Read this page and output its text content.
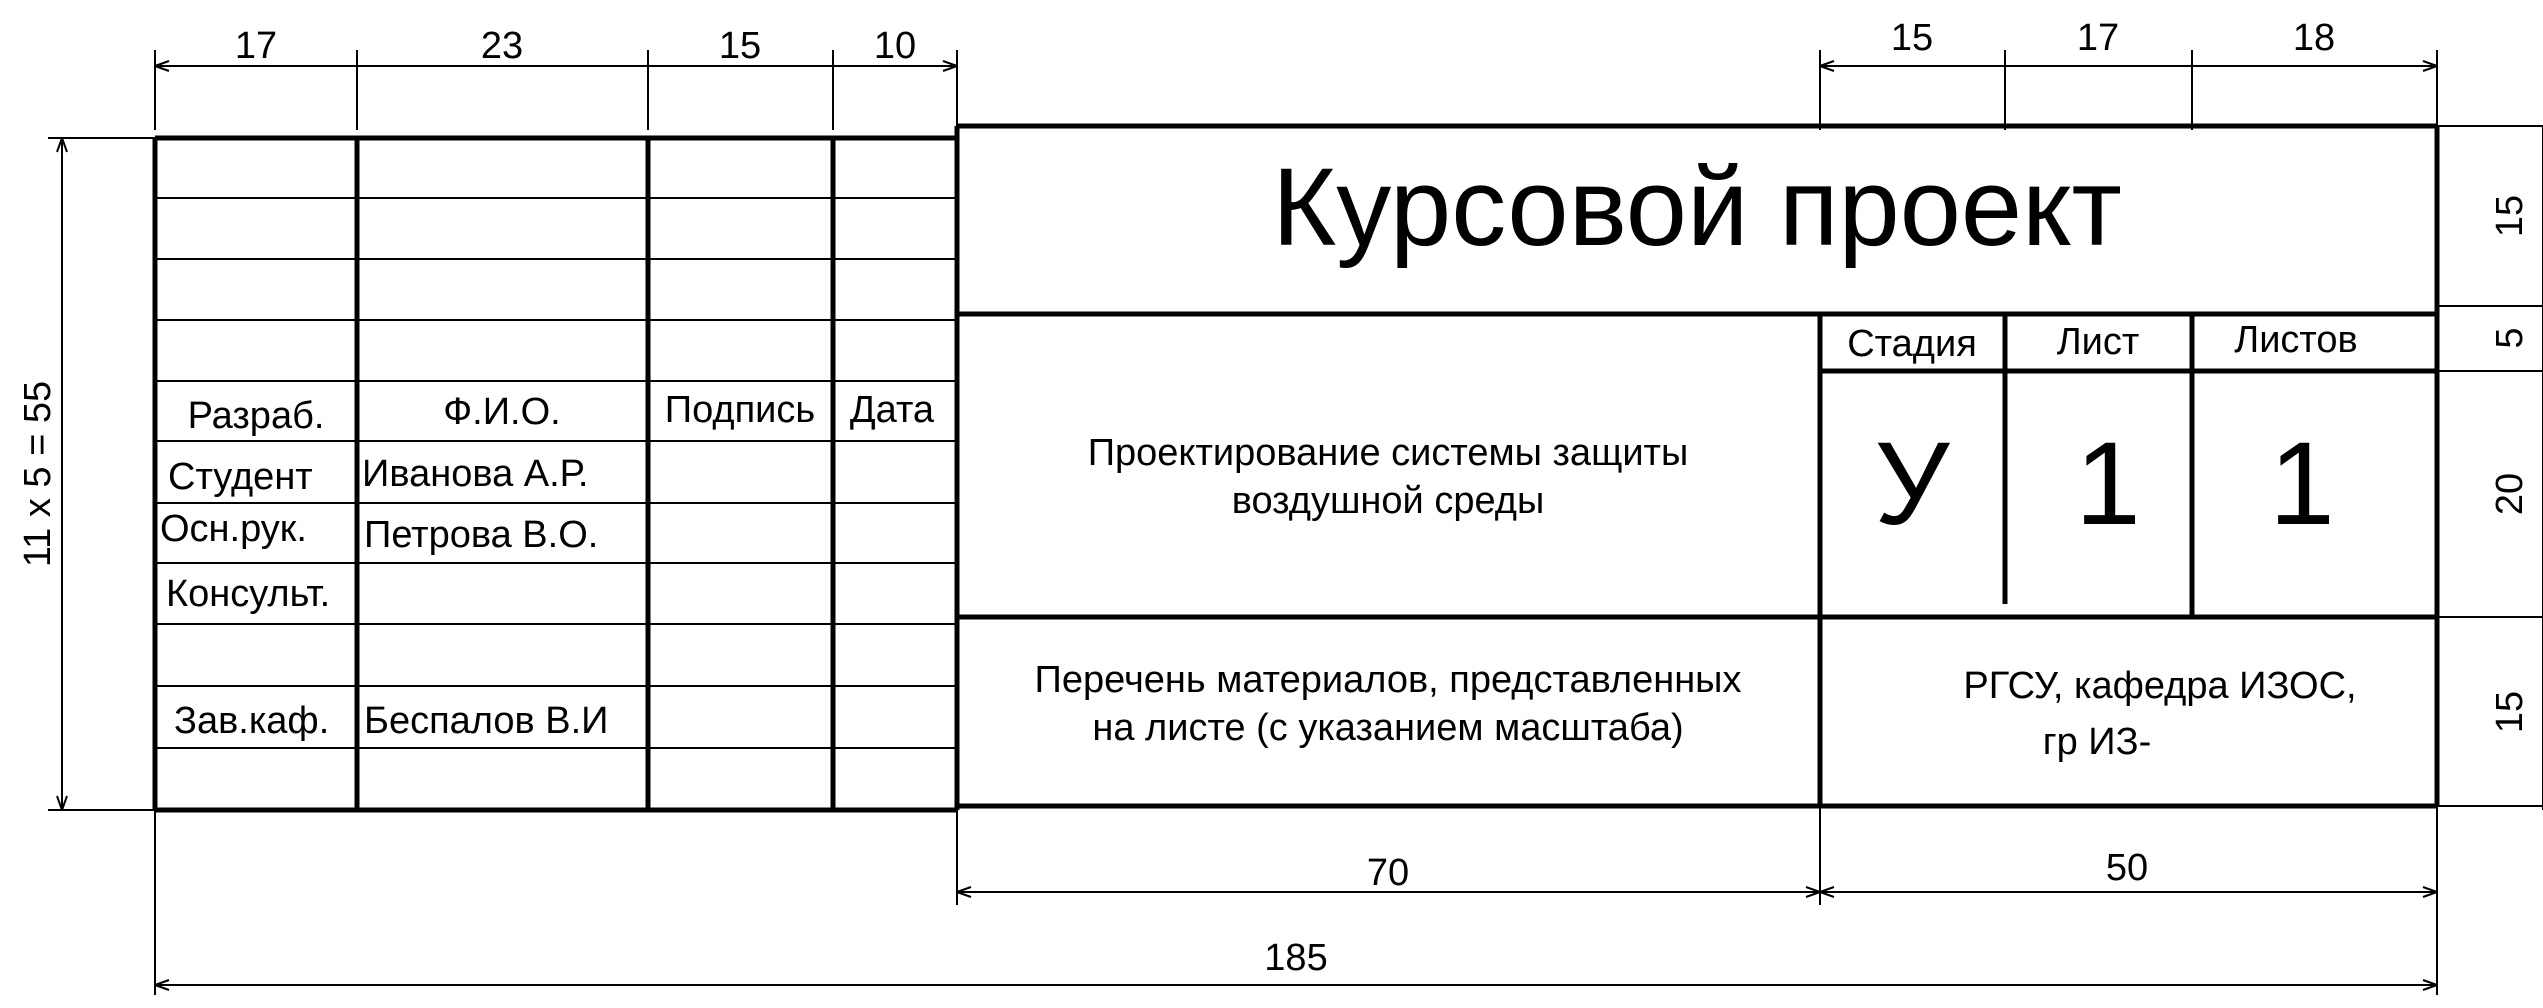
17	23	15	10	15	17	18
11 x 5 = 55
15
5
20
15
70	50
185
Разраб.	Ф.И.О.	Подпись Дата
Студент Иванова А.Р.
Осн.рук. Петрова В.О.
Консульт.
Зав.каф. Беспалов В.И
Курсовой проект
Проектирование системы защиты
воздушной среды
Перечень материалов, представленных
на листе (с указанием масштаба)
Стадия Лист Листов
У 1 1
РГСУ, кафедра ИЗОС,
гр ИЗ-
